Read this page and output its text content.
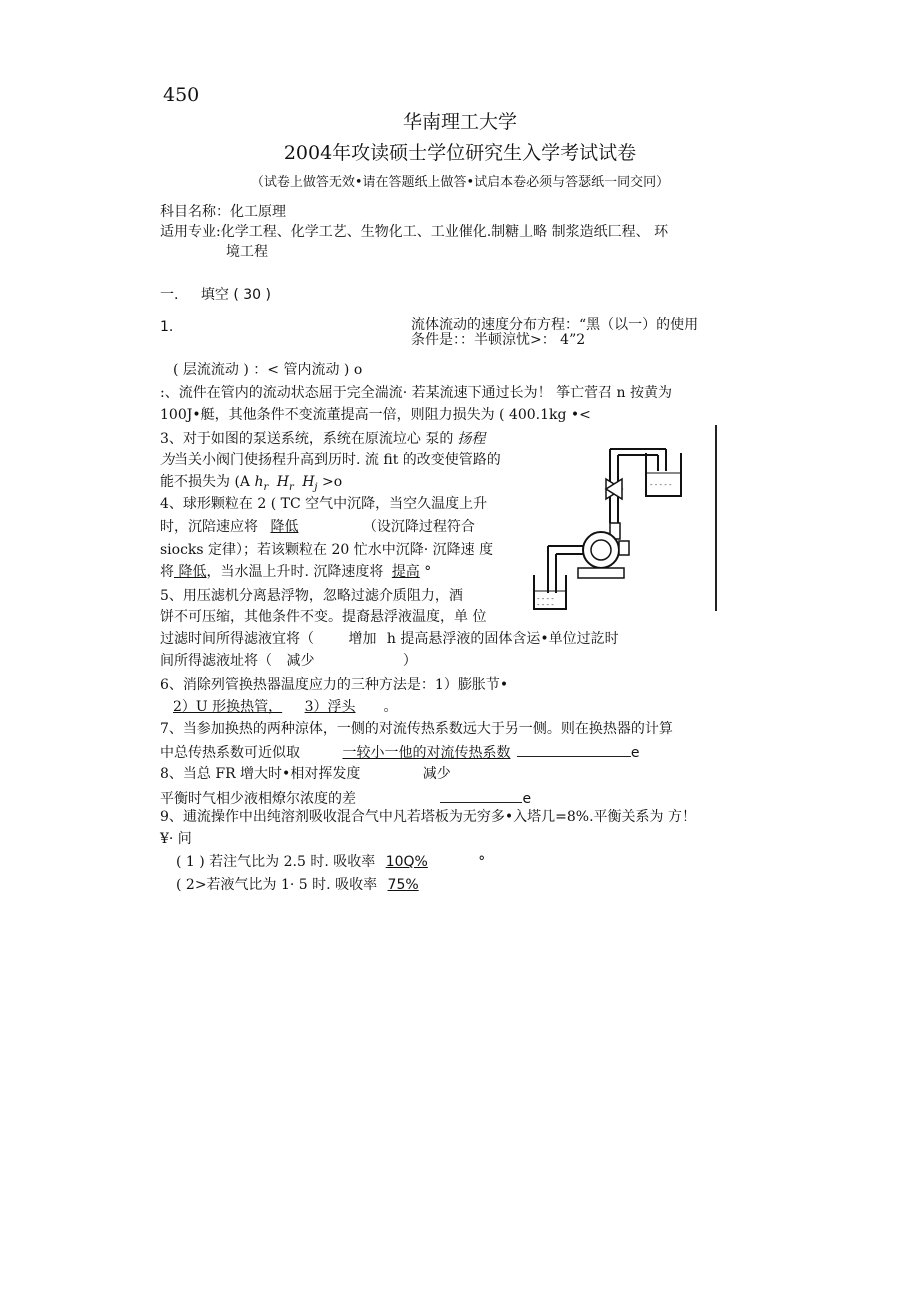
450
华南理工大学
2004年攻读硕士学位研究生入学考试试卷
（试卷上做答无效•请在答题纸上做答•试启本卷必须与答瑟纸一同交冋）
科目名称：化工原理
适用专业:化学工程、化学工艺、生物化工、工业催化.制糖丄略 制浆造纸匚程、 环
境工程
一. 填空 ( 30 )
1.	流体流动的速度分布方程：“黑（以一）的使用
条件是：：半顿涼忧>： 4”2
( 层流流动 ) ：< 管内流动 ) o
:、流件在管内的流动状态屈于完全湍流· 若某流速下通过长为！ 筝亡菅召 n 按黄为
100J•艇，其他条件不变流董提高一倍，则阻力损失为 ( 400.1kg •<
3、对于如图的泵送系统，系统在原流垃心 泵的 扬程
为当关小阀门使扬程升高到历时. 流 fit 的改变使管路的
能不损失为 (A $h_r$ $H_r$ $H_j >o$
4、球形颗粒在 2 ( TC 空气中沉降，当空久温度上升
时，沉陪速应将 降低	（设沉降过程符合
siocks 定律）；若该颗粒在 20 忙水中沉降· 沉降速 度
将 降低，当水温上升时. 沉降速度将 提高 °
5、用压滤机分离悬浮物，忽略过滤介质阻力，酒
饼不可压缩，其他条件不变。提裔悬浮液温度，单 位
过滤时间所得滤液宜将（ 增加 h 提高悬浮液的固体含运•单位过訖时
间所得滤液址将（ 减少	）
6、消除列管换热器温度应力的三种方法是：1）膨胀节•
2）U 形换热管， 3）浮头 。
7、当参加换热的两种涼体，一侧的对流传热系数远大于另一侧。则在换热器的计算
中总传热系数可近似取	一较小一他的对流传热系数	e
8、当总 FR 增大时•相对挥发度	减少
平衡时气相少液相燎尔浓度的差	e
9、逋流操作中出纯溶剂吸收混合气中凡若塔板为无穷多•入塔几=8%.平衡关系为 方！
¥· 问
( 1 ) 若注气比为 2.5 时. 吸收率 10Q%	°
( 2>若液气比为 1· 5 时. 吸收率 75%
- - - - -
- - - -
- - - -
